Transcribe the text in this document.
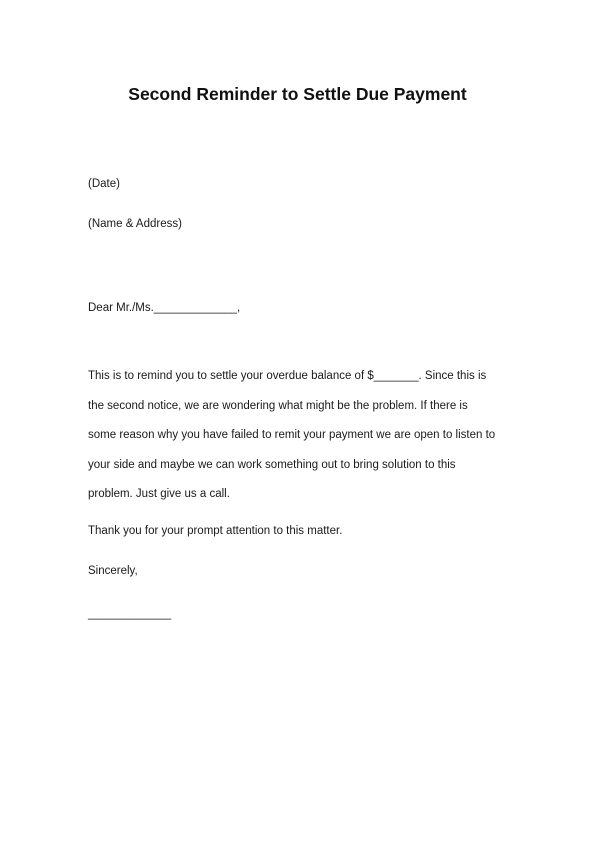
Second Reminder to Settle Due Payment
(Date)
(Name & Address)
Dear Mr./Ms._____________,
This is to remind you to settle your overdue balance of $_______. Since this is
the second notice, we are wondering what might be the problem. If there is
some reason why you have failed to remit your payment we are open to listen to
your side and maybe we can work something out to bring solution to this
problem. Just give us a call.
Thank you for your prompt attention to this matter.
Sincerely,
_____________
